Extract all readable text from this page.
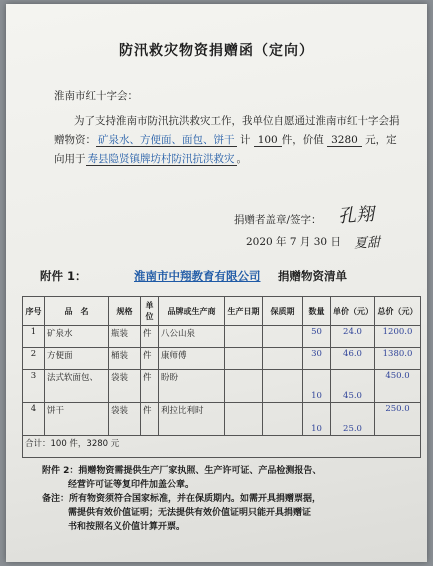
防汛救灾物资捐赠函（定向）
淮南市红十字会：
为了支持淮南市防汛抗洪救灾工作，我单位自愿通过淮南市红十字会捐赠物资： 矿泉水、方便面、面包、饼干 计 100 件，价值 3280 元，定向用于 寿县隐贤镇牌坊村防汛抗洪救灾 。
捐赠者盖章/签字： 孔翔
2020 年 7 月 30 日 夏甜
附件 1：	淮南市中翔教育有限公司 捐赠物资清单
序号	品　名	规格	单位	品牌或生产商	生产日期	保质期	数量	单价（元）	总价（元）
1	矿泉水	瓶装	件	八公山泉			50	24.0	1200.0
2	方便面	桶装	件	康师傅			30	46.0	1380.0
3	法式软面包、	袋装	件	盼盼			10	45.0	450.0
4	饼干	袋装	件	利拉比利时			10	25.0	250.0
合计：100 件，3280 元									
附件 2：捐赠物资需提供生产厂家执照、生产许可证、产品检测报告、
经营许可证等复印件加盖公章。
备注：所有物资须符合国家标准，并在保质期内。如需开具捐赠票据，
需提供有效价值证明；无法提供有效价值证明只能开具捐赠证
书和按照名义价值计算开票。
